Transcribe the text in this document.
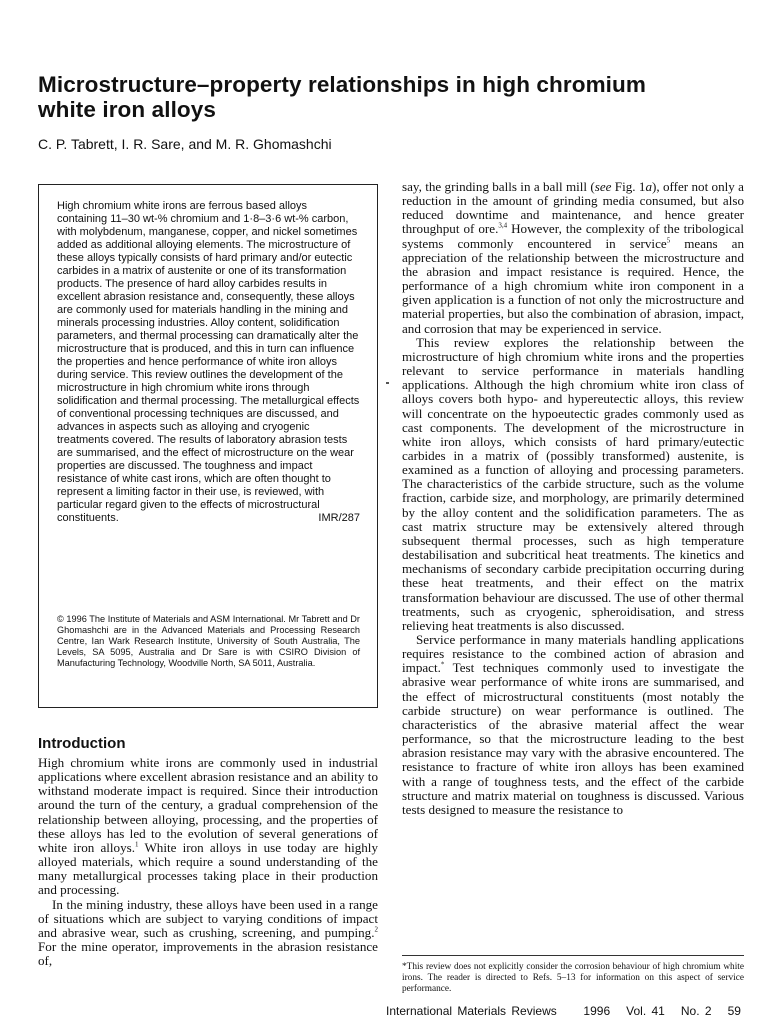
Microstructure–property relationships in high chromium white iron alloys

C. P. Tabrett, I. R. Sare, and M. R. Ghomashchi

High chromium white irons are ferrous based alloys containing 11–30 wt-% chromium and 1·8–3·6 wt-% carbon, with molybdenum, manganese, copper, and nickel sometimes added as additional alloying elements. The microstructure of these alloys typically consists of hard primary and/or eutectic carbides in a matrix of austenite or one of its transformation products. The presence of hard alloy carbides results in excellent abrasion resistance and, consequently, these alloys are commonly used for materials handling in the mining and minerals processing industries. Alloy content, solidification parameters, and thermal processing can dramatically alter the microstructure that is produced, and this in turn can influence the properties and hence performance of white iron alloys during service. This review outlines the development of the microstructure in high chromium white irons through solidification and thermal processing. The metallurgical effects of conventional processing techniques are discussed, and advances in aspects such as alloying and cryogenic treatments covered. The results of laboratory abrasion tests are summarised, and the effect of microstructure on the wear properties are discussed. The toughness and impact resistance of white cast irons, which are often thought to represent a limiting factor in their use, is reviewed, with particular regard given to the effects of microstructural constituents.	IMR/287

© 1996 The Institute of Materials and ASM International. Mr Tabrett and Dr Ghomashchi are in the Advanced Materials and Processing Research Centre, Ian Wark Research Institute, University of South Australia, The Levels, SA 5095, Australia and Dr Sare is with CSIRO Division of Manufacturing Technology, Woodville North, SA 5011, Australia.

Introduction

High chromium white irons are commonly used in industrial applications where excellent abrasion resistance and an ability to withstand moderate impact is required. Since their introduction around the turn of the century, a gradual comprehension of the relationship between alloying, processing, and the properties of these alloys has led to the evolution of several generations of white iron alloys.$^1$ White iron alloys in use today are highly alloyed materials, which require a sound understanding of the many metallurgical processes taking place in their production and processing.

In the mining industry, these alloys have been used in a range of situations which are subject to varying conditions of impact and abrasive wear, such as crushing, screening, and pumping.$^2$ For the mine operator, improvements in the abrasion resistance of,

say, the grinding balls in a ball mill (see Fig. 1a), offer not only a reduction in the amount of grinding media consumed, but also reduced downtime and maintenance, and hence greater throughput of ore.$^{3,4}$ However, the complexity of the tribological systems commonly encountered in service$^5$ means an appreciation of the relationship between the microstructure and the abrasion and impact resistance is required. Hence, the performance of a high chromium white iron component in a given application is a function of not only the microstructure and material properties, but also the combination of abrasion, impact, and corrosion that may be experienced in service.

This review explores the relationship between the microstructure of high chromium white irons and the properties relevant to service performance in materials handling applications. Although the high chromium white iron class of alloys covers both hypo- and hypereutectic alloys, this review will concentrate on the hypoeutectic grades commonly used as cast components. The development of the microstructure in white iron alloys, which consists of hard primary/eutectic carbides in a matrix of (possibly transformed) austenite, is examined as a function of alloying and processing parameters. The characteristics of the carbide structure, such as the volume fraction, carbide size, and morphology, are primarily determined by the alloy content and the solidification parameters. The as cast matrix structure may be extensively altered through subsequent thermal processes, such as high temperature destabilisation and subcritical heat treatments. The kinetics and mechanisms of secondary carbide precipitation occurring during these heat treatments, and their effect on the matrix transformation behaviour are discussed. The use of other thermal treatments, such as cryogenic, spheroidisation, and stress relieving heat treatments is also discussed.

Service performance in many materials handling applications requires resistance to the combined action of abrasion and impact.* Test techniques commonly used to investigate the abrasive wear performance of white irons are summarised, and the effect of microstructural constituents (most notably the carbide structure) on wear performance is outlined. The characteristics of the abrasive material affect the wear performance, so that the microstructure leading to the best abrasion resistance may vary with the abrasive encountered. The resistance to fracture of white iron alloys has been examined with a range of toughness tests, and the effect of the carbide structure and matrix material on toughness is discussed. Various tests designed to measure the resistance to

*This review does not explicitly consider the corrosion behaviour of high chromium white irons. The reader is directed to Refs. 5–13 for information on this aspect of service performance.

International Materials Reviews 1996 Vol. 41 No. 2 59
